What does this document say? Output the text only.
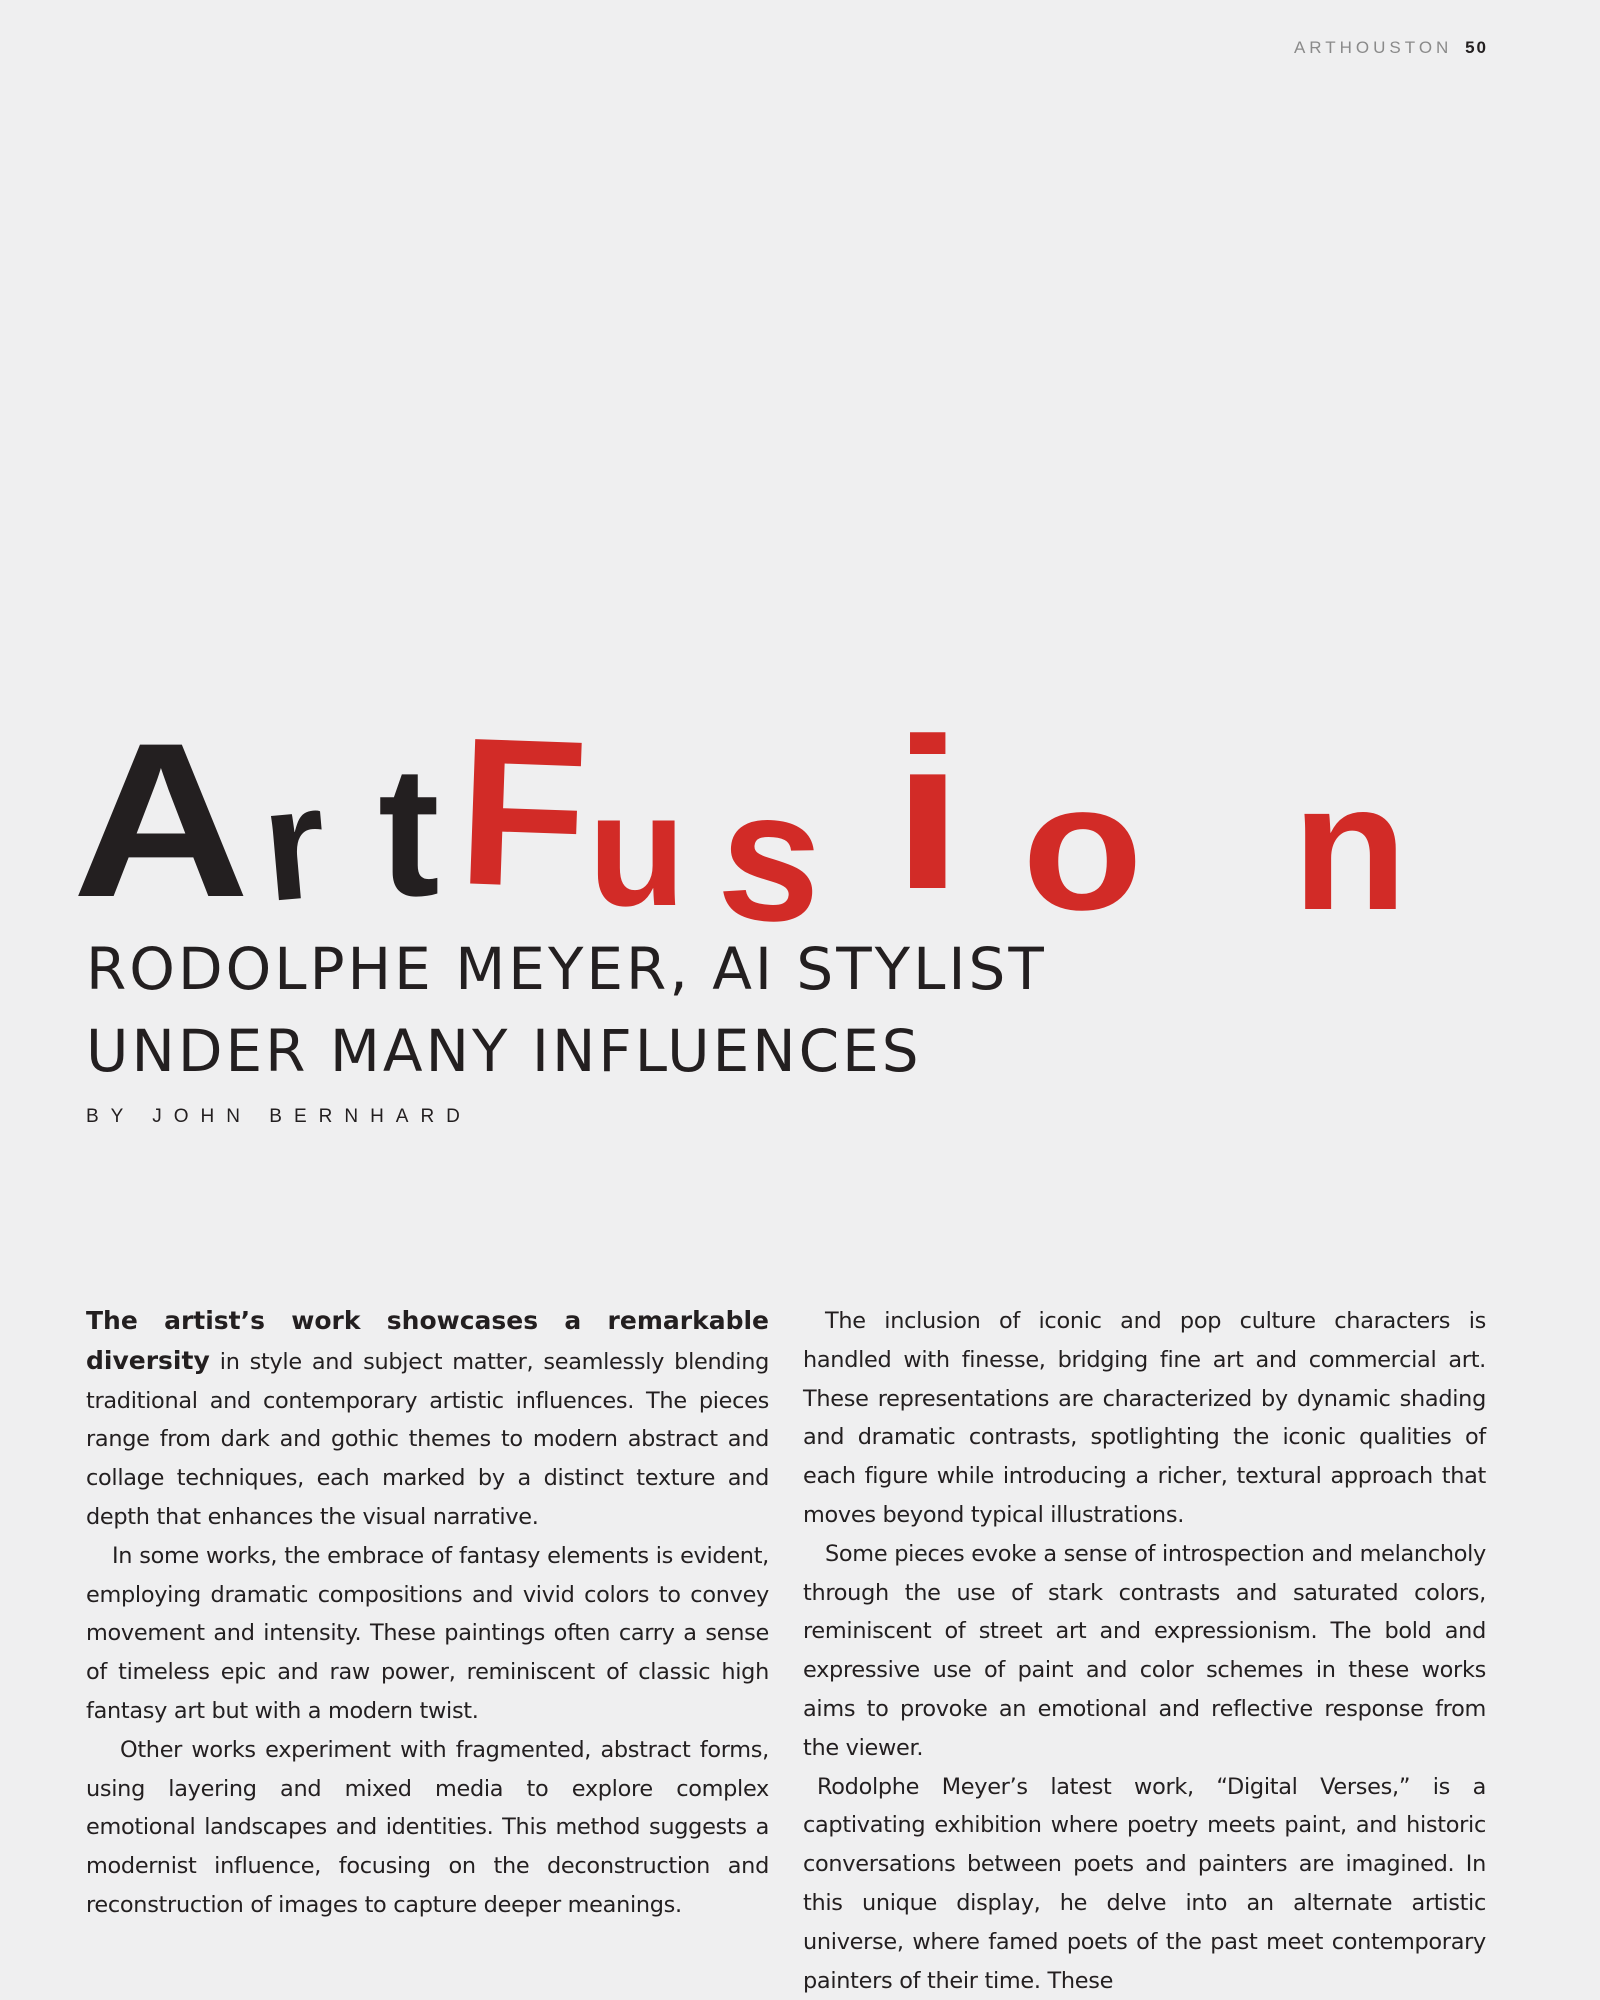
ARTHOUSTON 50
A r t F
u s i o n
RODOLPHE MEYER, AI STYLIST
UNDER MANY INFLUENCES
BY JOHN BERNHARD

The artist’s work showcases a remarkable diversity in style and subject matter, seamlessly blending traditional and contemporary artistic influences. The pieces range from dark and gothic themes to modern abstract and collage techniques, each marked by a distinct texture and depth that enhances the visual narrative.

In some works, the embrace of fantasy elements is evident, employing dramatic compositions and vivid colors to convey movement and intensity. These paintings often carry a sense of timeless epic and raw power, reminiscent of classic high fantasy art but with a modern twist.

Other works experiment with fragmented, abstract forms, using layering and mixed media to explore complex emotional landscapes and identities. This method suggests a modernist influence, focusing on the deconstruction and reconstruction of images to capture deeper meanings.

The inclusion of iconic and pop culture characters is handled with finesse, bridging fine art and commercial art. These representations are characterized by dynamic shading and dramatic contrasts, spotlighting the iconic qualities of each figure while introducing a richer, textural approach that moves beyond typical illustrations.

Some pieces evoke a sense of introspection and melancholy through the use of stark contrasts and saturated colors, reminiscent of street art and expressionism. The bold and expressive use of paint and color schemes in these works aims to provoke an emotional and reflective response from the viewer.

Rodolphe Meyer’s latest work, “Digital Verses,” is a captivating exhibition where poetry meets paint, and historic conversations between poets and painters are imagined. In this unique display, he delve into an alternate artistic universe, where famed poets of the past meet contemporary painters of their time. These
